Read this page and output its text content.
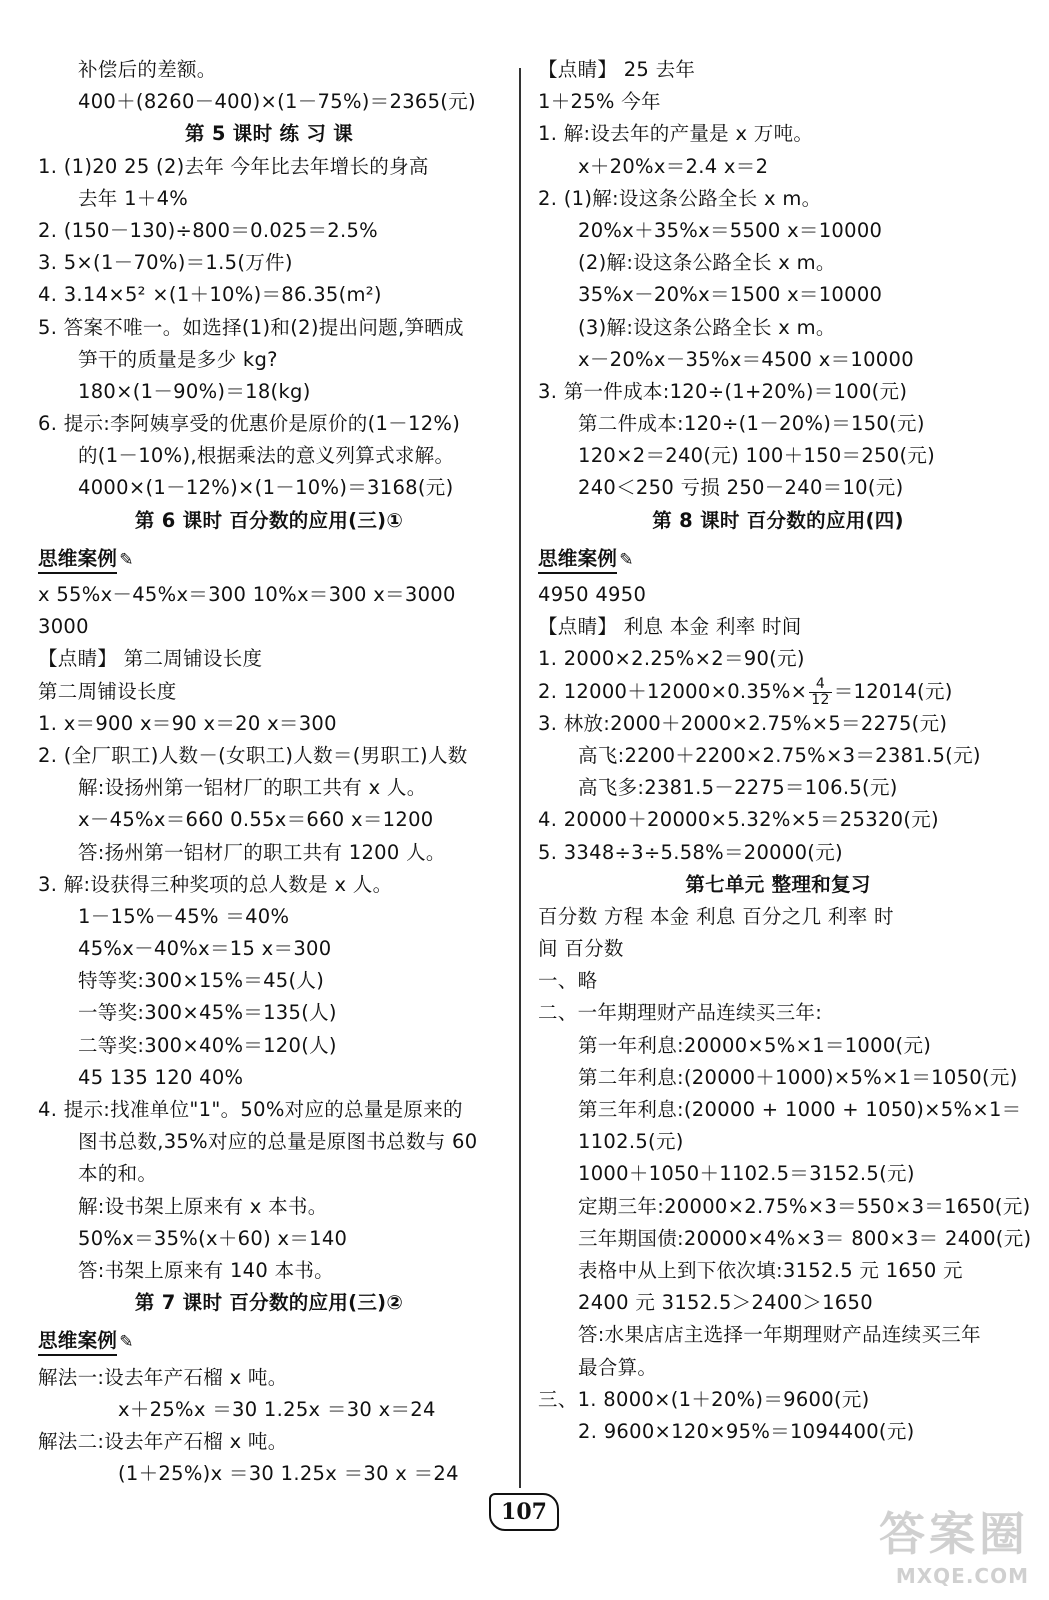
补偿后的差额。
400＋(8260－400)×(1－75%)＝2365(元)
第 5 课时 练 习 课
1. (1)20 25 (2)去年 今年比去年增长的身高
去年 1＋4%
2. (150－130)÷800＝0.025＝2.5%
3. 5×(1－70%)＝1.5(万件)
4. 3.14×5² ×(1＋10%)＝86.35(m²)
5. 答案不唯一。如选择(1)和(2)提出问题,笋晒成
笋干的质量是多少 kg?
180×(1－90%)＝18(kg)
6. 提示:李阿姨享受的优惠价是原价的(1－12%)
的(1－10%),根据乘法的意义列算式求解。
4000×(1－12%)×(1－10%)＝3168(元)
第 6 课时 百分数的应用(三)①
思维案例 ✎
x 55%x－45%x＝300 10%x＝300 x＝3000
3000
【点睛】 第二周铺设长度
第二周铺设长度
1. x＝900 x＝90 x＝20 x＝300
2. (全厂职工)人数－(女职工)人数＝(男职工)人数
解:设扬州第一铝材厂的职工共有 x 人。
x－45%x＝660 0.55x＝660 x＝1200
答:扬州第一铝材厂的职工共有 1200 人。
3. 解:设获得三种奖项的总人数是 x 人。
1－15%－45% ＝40%
45%x－40%x＝15 x＝300
特等奖:300×15%＝45(人)
一等奖:300×45%＝135(人)
二等奖:300×40%＝120(人)
45 135 120 40%
4. 提示:找准单位"1"。50%对应的总量是原来的
图书总数,35%对应的总量是原图书总数与 60
本的和。
解:设书架上原来有 x 本书。
50%x＝35%(x＋60) x＝140
答:书架上原来有 140 本书。
第 7 课时 百分数的应用(三)②
思维案例 ✎
解法一:设去年产石榴 x 吨。
x＋25%x ＝30 1.25x ＝30 x＝24
解法二:设去年产石榴 x 吨。
(1＋25%)x ＝30 1.25x ＝30 x ＝24
【点睛】 25 去年
1＋25% 今年
1. 解:设去年的产量是 x 万吨。
x＋20%x＝2.4 x＝2
2. (1)解:设这条公路全长 x m。
20%x＋35%x＝5500 x＝10000
(2)解:设这条公路全长 x m。
35%x－20%x＝1500 x＝10000
(3)解:设这条公路全长 x m。
x－20%x－35%x＝4500 x＝10000
3. 第一件成本:120÷(1+20%)＝100(元)
第二件成本:120÷(1－20%)＝150(元)
120×2＝240(元) 100＋150＝250(元)
240＜250 亏损 250－240＝10(元)
第 8 课时 百分数的应用(四)
思维案例 ✎
4950 4950
【点睛】 利息 本金 利率 时间
1. 2000×2.25%×2＝90(元)
2. $12000+12000\times 0.35\%\times \frac{4}{12} =12014$(元)
3. 林放:2000＋2000×2.75%×5＝2275(元)
高飞:2200＋2200×2.75%×3＝2381.5(元)
高飞多:2381.5－2275＝106.5(元)
4. 20000＋20000×5.32%×5＝25320(元)
5. 3348÷3÷5.58%＝20000(元)
第七单元 整理和复习
百分数 方程 本金 利息 百分之几 利率 时
间 百分数
一、略
二、一年期理财产品连续买三年:
第一年利息:20000×5%×1＝1000(元)
第二年利息:(20000＋1000)×5%×1＝1050(元)
第三年利息:(20000 + 1000 + 1050)×5%×1＝
1102.5(元)
1000＋1050＋1102.5＝3152.5(元)
定期三年:20000×2.75%×3＝550×3＝1650(元)
三年期国债:20000×4%×3＝ 800×3＝ 2400(元)
表格中从上到下依次填:3152.5 元 1650 元
2400 元 3152.5＞2400＞1650
答:水果店店主选择一年期理财产品连续买三年
最合算。
三、1. 8000×(1＋20%)＝9600(元)
2. 9600×120×95%＝1094400(元)
107	答案圈
MXQE.COM
